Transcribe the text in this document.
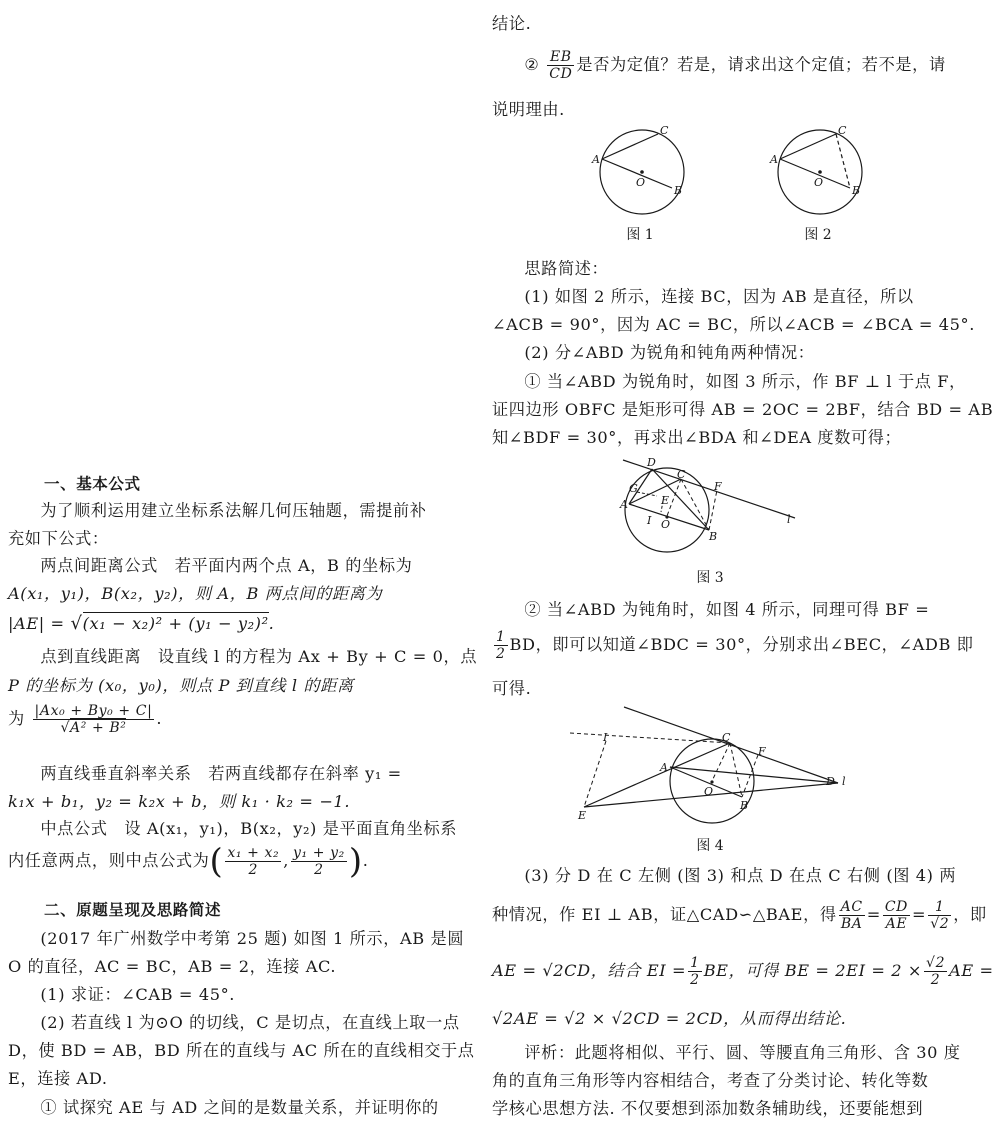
一、基本公式
为了顺利运用建立坐标系法解几何压轴题，需提前补
充如下公式：
两点间距离公式　若平面内两个点 A，B 的坐标为
A(x₁，y₁)，B(x₂，y₂)，则 A，B 两点间的距离为
|AE| = √(x₁ − x₂)² + (y₁ − y₂)².
点到直线距离　设直线 l 的方程为 Ax + By + C = 0，点
P 的坐标为 (x₀，y₀)，则点 P 到直线 l 的距离
为 $\frac{\text{|Ax₀ + By₀ + C|}}{\text{√A² + B²}}$ .
两直线垂直斜率关系　若两直线都存在斜率 y₁ =
k₁x + b₁，y₂ = k₂x + b，则 k₁ · k₂ = −1.
中点公式　设 A(x₁，y₁)，B(x₂，y₂) 是平面直角坐标系
内任意两点，则中点公式为( $\frac{\text{x₁ + x₂}}{2}$ , $\frac{\text{y₁ + y₂}}{2}$ ).
二、原题呈现及思路简述
(2017 年广州数学中考第 25 题) 如图 1 所示，AB 是圆
O 的直径，AC = BC，AB = 2，连接 AC.
(1) 求证：∠CAB = 45°.
(2) 若直线 l 为⊙O 的切线，C 是切点，在直线上取一点
D，使 BD = AB，BD 所在的直线与 AC 所在的直线相交于点
E，连接 AD.
① 试探究 AE 与 AD 之间的是数量关系，并证明你的
结论.
② $\frac{EB}{CD}$ 是否为定值？若是，请求出这个定值；若不是，请
说明理由.
A
C
B
O
A
C
B
O
图 1	图 2
思路简述：
(1) 如图 2 所示，连接 BC，因为 AB 是直径，所以
∠ACB = 90°，因为 AC = BC，所以∠ACB = ∠BCA = 45°.
(2) 分∠ABD 为锐角和钝角两种情况：
① 当∠ABD 为锐角时，如图 3 所示，作 BF ⊥ l 于点 F，
证四边形 OBFC 是矩形可得 AB = 2OC = 2BF，结合 BD = AB
知∠BDF = 30°，再求出∠BDA 和∠DEA 度数可得；
D
C
F
G
A	E
I O
B
l
图 3
② 当∠ABD 为钝角时，如图 4 所示，同理可得 BF =
$\frac{1}{2}$ BD，即可以知道∠BDC = 30°，分别求出∠BEC，∠ADB 即
可得.
I	C
F
A
O
B
D l
E
图 4
(3) 分 D 在 C 左侧 (图 3) 和点 D 在点 C 右侧 (图 4) 两
种情况，作 EI ⊥ AB，证△CAD∽△BAE，得 $\frac{AC}{BA} = \frac{CD}{AE} = \frac{1}{√2}$ ，即
AE = √2CD，结合 EI = $\frac{1}{2}$ BE，可得 BE = $2EI = 2 \times \frac{√2}{2}$ AE =
√2AE = √2 × √2CD = 2CD，从而得出结论.
评析：此题将相似、平行、圆、等腰直角三角形、含 30 度
角的直角三角形等内容相结合，考查了分类讨论、转化等数
学核心思想方法. 不仅要想到添加数条辅助线，还要能想到
